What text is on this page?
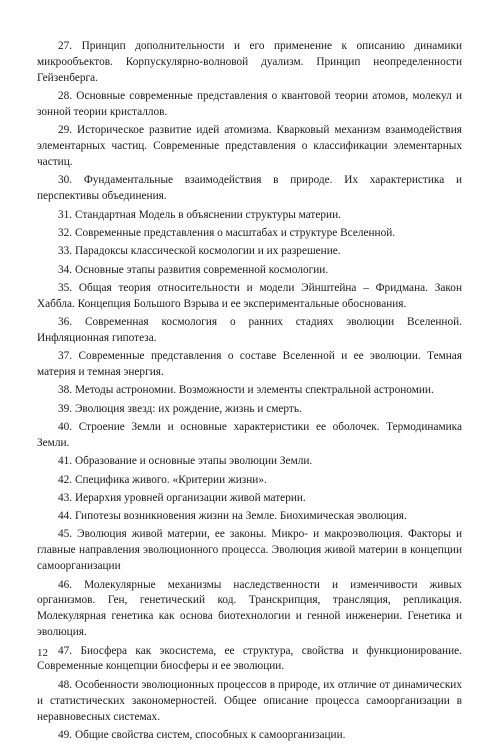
27. Принцип дополнительности и его применение к описанию динамики микрообъектов. Корпускулярно-волновой дуализм. Принцип неопределенности Гейзенберга.

28. Основные современные представления о квантовой теории атомов, молекул и зонной теории кристаллов.

29. Историческое развитие идей атомизма. Кварковый механизм взаимодействия элементарных частиц. Современные представления о классификации элементарных частиц.

30. Фундаментальные взаимодействия в природе. Их характеристика и перспективы объединения.

31. Стандартная Модель в объяснении структуры материи.

32. Современные представления о масштабах и структуре Вселенной.

33. Парадоксы классической космологии и их разрешение.

34. Основные этапы развития современной космологии.

35. Общая теория относительности и модели Эйнштейна – Фридмана. Закон Хаббла. Концепция Большого Взрыва и ее экспериментальные обоснования.

36. Современная космология о ранних стадиях эволюции Вселенной. Инфляционная гипотеза.

37. Современные представления о составе Вселенной и ее эволюции. Темная материя и темная энергия.

38. Методы астрономии. Возможности и элементы спектральной астрономии.

39. Эволюция звезд: их рождение, жизнь и смерть.

40. Строение Земли и основные характеристики ее оболочек. Термодинамика Земли.

41. Образование и основные этапы эволюции Земли.

42. Специфика живого. «Критерии жизни».

43. Иерархия уровней организации живой материи.

44. Гипотезы возникновения жизни на Земле. Биохимическая эволюция.

45. Эволюция живой материи, ее законы. Микро- и макроэволюция. Факторы и главные направления эволюционного процесса. Эволюция живой материи в концепции самоорганизации

46. Молекулярные механизмы наследственности и изменчивости живых организмов. Ген, генетический код. Транскрипция, трансляция, репликация. Молекулярная генетика как основа биотехнологии и генной инженерии. Генетика и эволюция.

47. Биосфера как экосистема, ее структура, свойства и функционирование. Современные концепции биосферы и ее эволюции.

48. Особенности эволюционных процессов в природе, их отличие от динамических и статистических закономерностей. Общее описание процесса самоорганизации в неравновесных системах.

49. Общие свойства систем, способных к самоорганизации.

12
